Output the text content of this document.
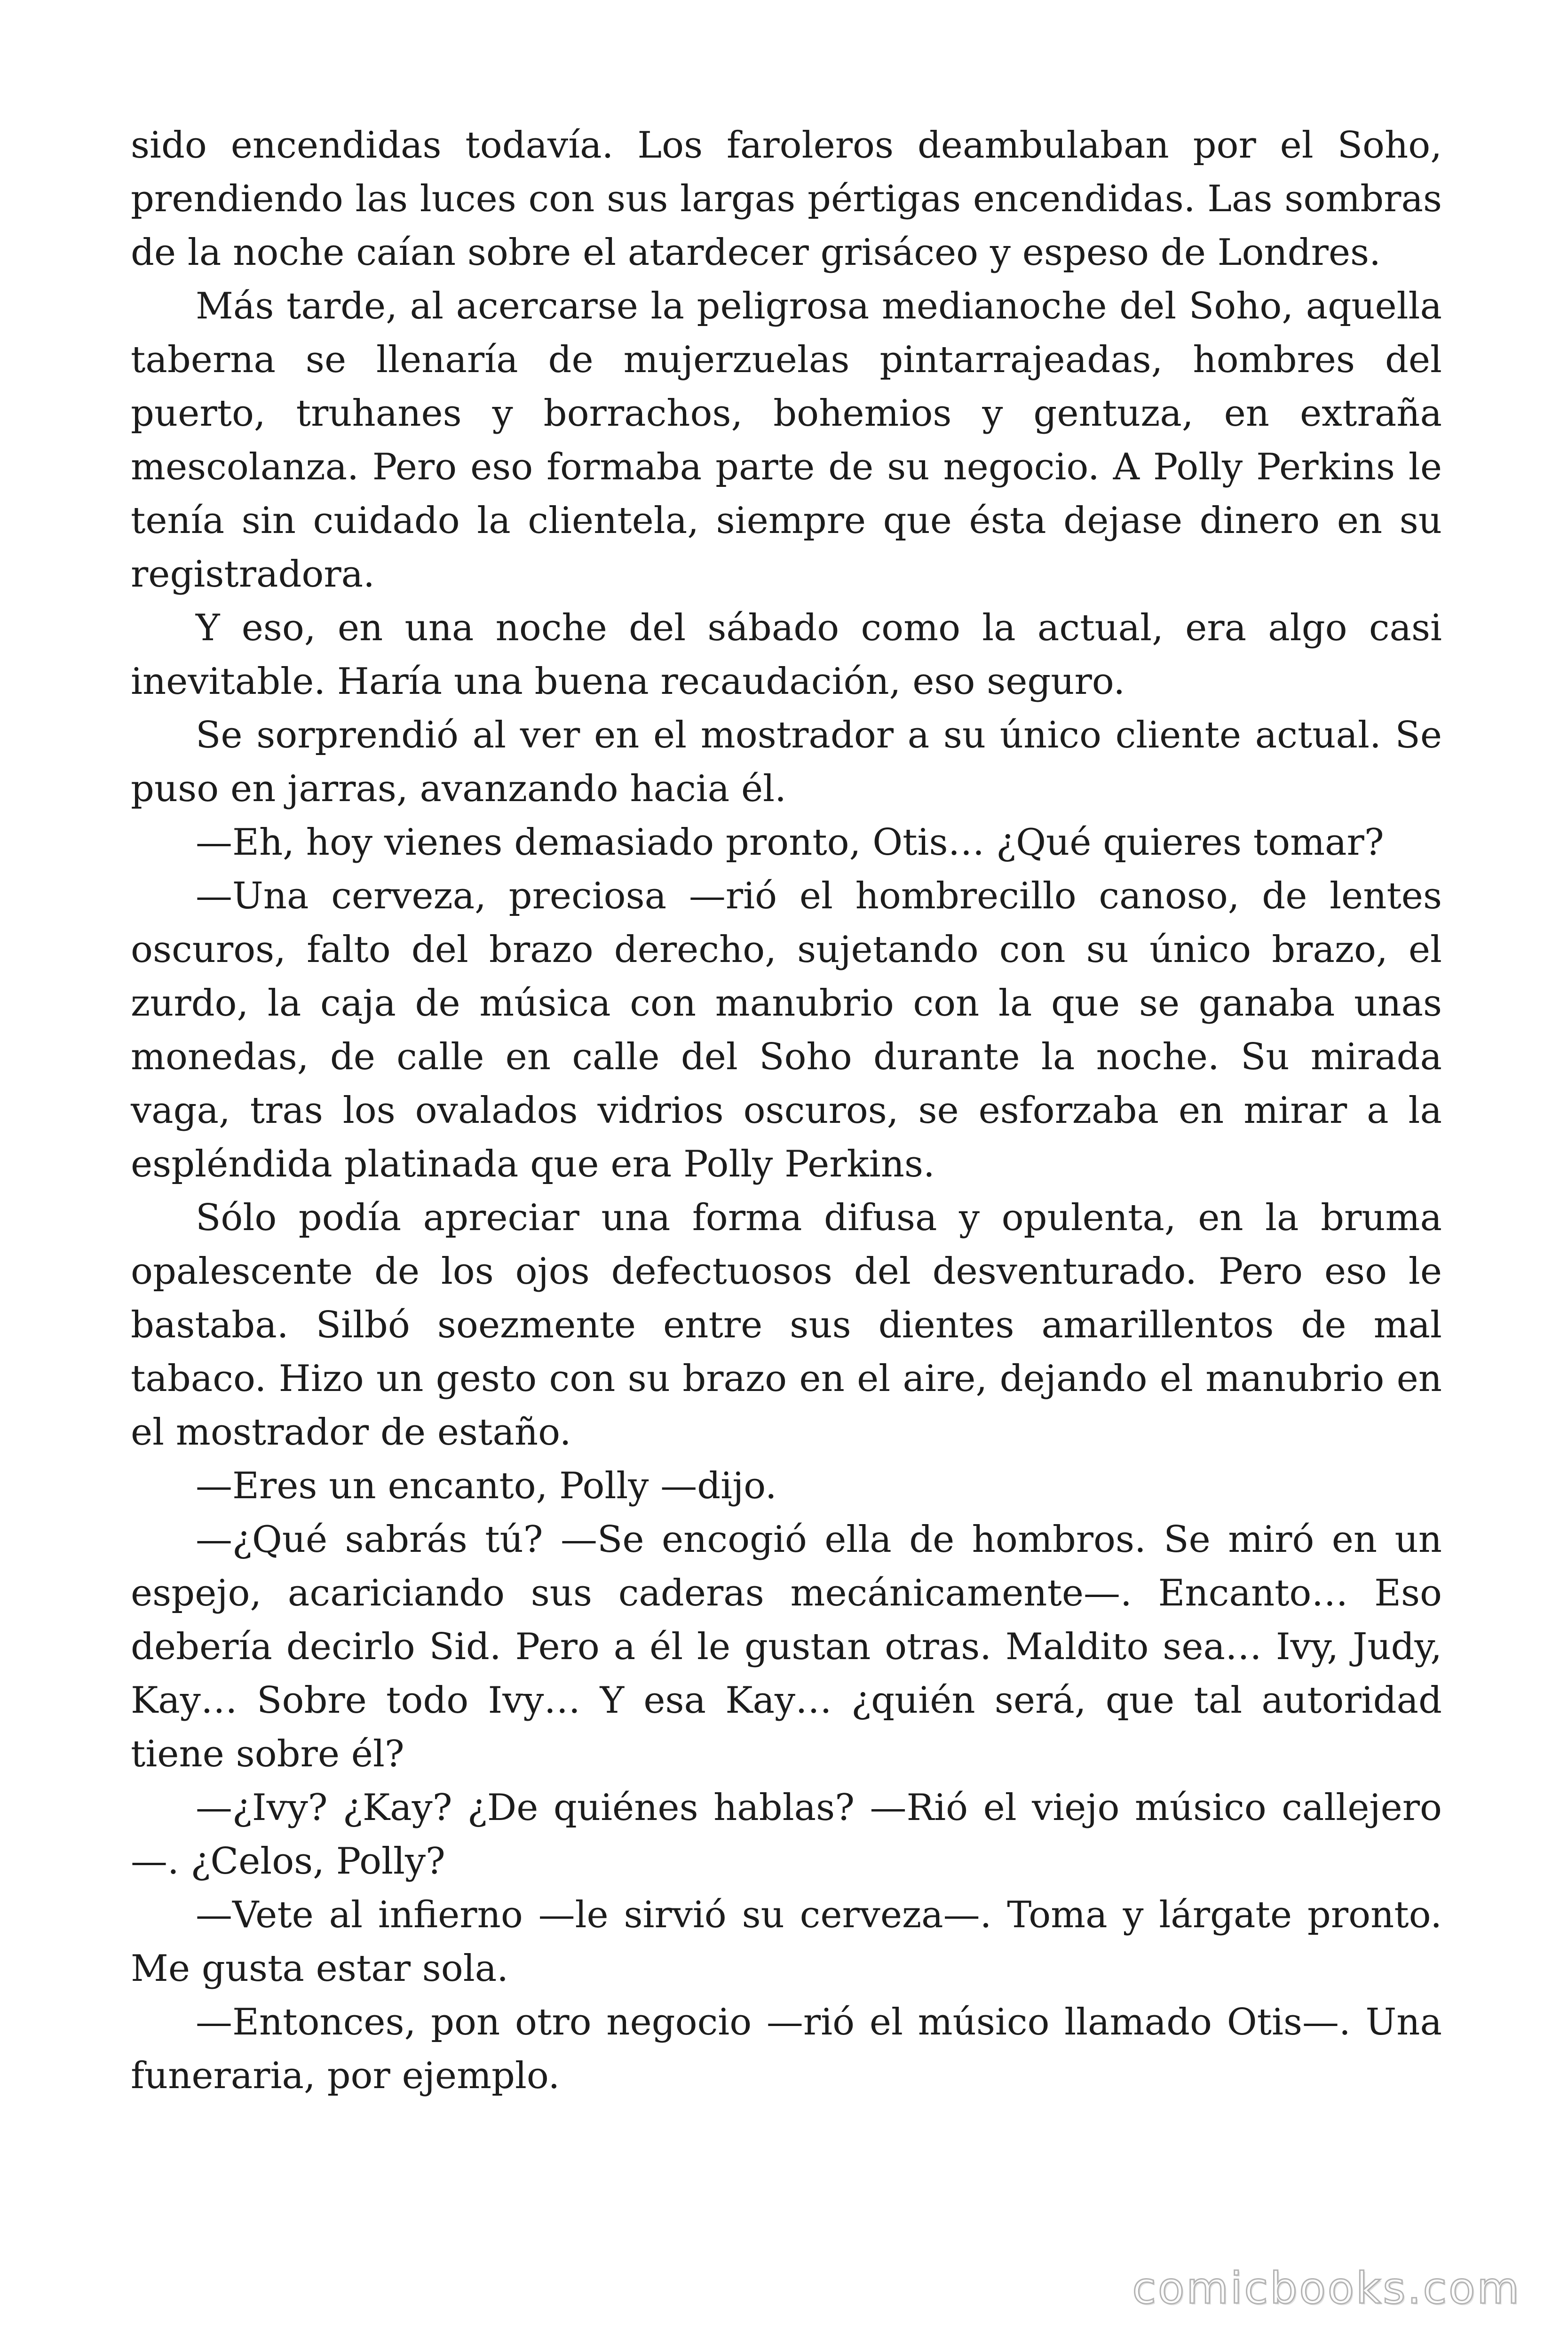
sido encendidas todavía. Los faroleros deambulaban por el Soho, prendiendo las luces con sus largas pértigas encendidas. Las sombras de la noche caían sobre el atardecer grisáceo y espeso de Londres.

Más tarde, al acercarse la peligrosa medianoche del Soho, aquella taberna se llenaría de mujerzuelas pintarrajeadas, hombres del puerto, truhanes y borrachos, bohemios y gentuza, en extraña mescolanza. Pero eso formaba parte de su negocio. A Polly Perkins le tenía sin cuidado la clientela, siempre que ésta dejase dinero en su registradora.

Y eso, en una noche del sábado como la actual, era algo casi inevitable. Haría una buena recaudación, eso seguro.

Se sorprendió al ver en el mostrador a su único cliente actual. Se puso en jarras, avanzando hacia él.

—Eh, hoy vienes demasiado pronto, Otis… ¿Qué quieres tomar?

—Una cerveza, preciosa —rió el hombrecillo canoso, de lentes oscuros, falto del brazo derecho, sujetando con su único brazo, el zurdo, la caja de música con manubrio con la que se ganaba unas monedas, de calle en calle del Soho durante la noche. Su mirada vaga, tras los ovalados vidrios oscuros, se esforzaba en mirar a la espléndida platinada que era Polly Perkins.

Sólo podía apreciar una forma difusa y opulenta, en la bruma opalescente de los ojos defectuosos del desventurado. Pero eso le bastaba. Silbó soezmente entre sus dientes amarillentos de mal tabaco. Hizo un gesto con su brazo en el aire, dejando el manubrio en el mostrador de estaño.

—Eres un encanto, Polly —dijo.

—¿Qué sabrás tú? —Se encogió ella de hombros. Se miró en un espejo, acariciando sus caderas mecánicamente—. Encanto… Eso debería decirlo Sid. Pero a él le gustan otras. Maldito sea… Ivy, Judy, Kay… Sobre todo Ivy… Y esa Kay… ¿quién será, que tal autoridad tiene sobre él?

—¿Ivy? ¿Kay? ¿De quiénes hablas? —Rió el viejo músico callejero—. ¿Celos, Polly?

—Vete al infierno —le sirvió su cerveza—. Toma y lárgate pronto. Me gusta estar sola.

—Entonces, pon otro negocio —rió el músico llamado Otis—. Una funeraria, por ejemplo.

comicbooks.com
